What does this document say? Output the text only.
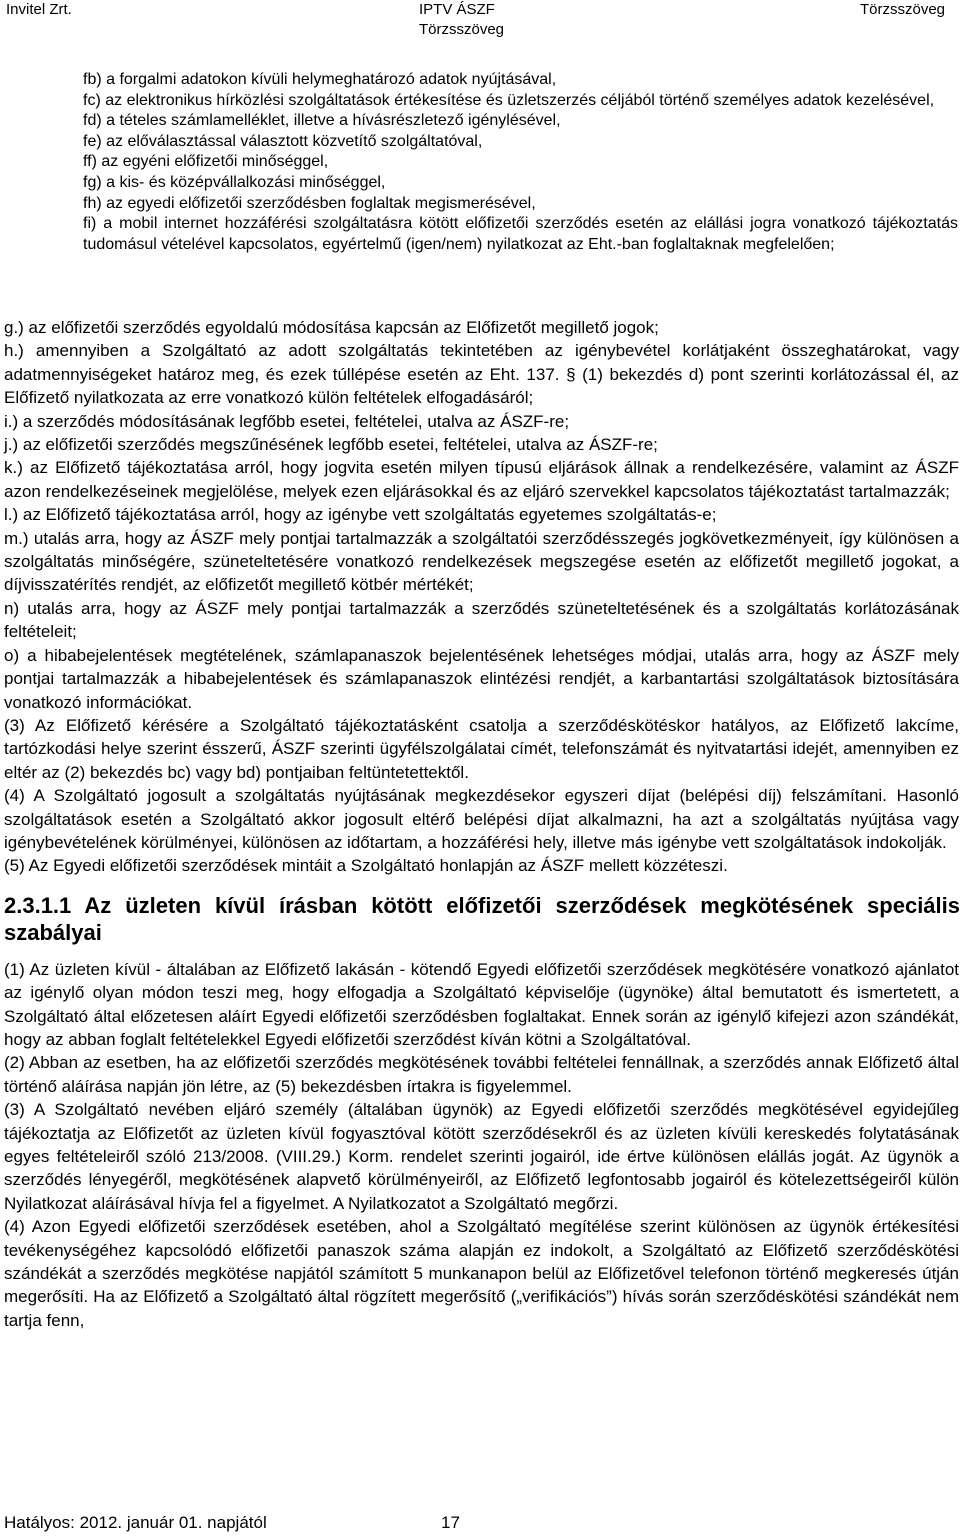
Invitel Zrt.	IPTV ÁSZF
Törzsszöveg
Törzsszöveg
fb) a forgalmi adatokon kívüli helymeghatározó adatok nyújtásával,
fc) az elektronikus hírközlési szolgáltatások értékesítése és üzletszerzés céljából történő személyes adatok kezelésével,
fd) a tételes számlamelléklet, illetve a hívásrészletező igénylésével,
fe) az előválasztással választott közvetítő szolgáltatóval,
ff) az egyéni előfizetői minőséggel,
fg) a kis- és középvállalkozási minőséggel,
fh) az egyedi előfizetői szerződésben foglaltak megismerésével,
fi) a mobil internet hozzáférési szolgáltatásra kötött előfizetői szerződés esetén az elállási jogra vonatkozó tájékoztatás tudomásul vételével kapcsolatos, egyértelmű (igen/nem) nyilatkozat az Eht.-ban foglaltaknak megfelelően;
g.) az előfizetői szerződés egyoldalú módosítása kapcsán az Előfizetőt megillető jogok;
h.) amennyiben a Szolgáltató az adott szolgáltatás tekintetében az igénybevétel korlátjaként összeghatárokat, vagy adatmennyiségeket határoz meg, és ezek túllépése esetén az Eht. 137. § (1) bekezdés d) pont szerinti korlátozással él, az Előfizető nyilatkozata az erre vonatkozó külön feltételek elfogadásáról;
i.) a szerződés módosításának legfőbb esetei, feltételei, utalva az ÁSZF-re;
j.) az előfizetői szerződés megszűnésének legfőbb esetei, feltételei, utalva az ÁSZF-re;
k.) az Előfizető tájékoztatása arról, hogy jogvita esetén milyen típusú eljárások állnak a rendelkezésére, valamint az ÁSZF azon rendelkezéseinek megjelölése, melyek ezen eljárásokkal és az eljáró szervekkel kapcsolatos tájékoztatást tartalmazzák;
l.) az Előfizető tájékoztatása arról, hogy az igénybe vett szolgáltatás egyetemes szolgáltatás-e;
m.) utalás arra, hogy az ÁSZF mely pontjai tartalmazzák a szolgáltatói szerződésszegés jogkövetkezményeit, így különösen a szolgáltatás minőségére, szüneteltetésére vonatkozó rendelkezések megszegése esetén az előfizetőt megillető jogokat, a díjvisszatérítés rendjét, az előfizetőt megillető kötbér mértékét;
n) utalás arra, hogy az ÁSZF mely pontjai tartalmazzák a szerződés szüneteltetésének és a szolgáltatás korlátozásának feltételeit;
o) a hibabejelentések megtételének, számlapanaszok bejelentésének lehetséges módjai, utalás arra, hogy az ÁSZF mely pontjai tartalmazzák a hibabejelentések és számlapanaszok elintézési rendjét, a karbantartási szolgáltatások biztosítására vonatkozó információkat.
(3) Az Előfizető kérésére a Szolgáltató tájékoztatásként csatolja a szerződéskötéskor hatályos, az Előfizető lakcíme, tartózkodási helye szerint ésszerű, ÁSZF szerinti ügyfélszolgálatai címét, telefonszámát és nyitvatartási idejét, amennyiben ez eltér az (2) bekezdés bc) vagy bd) pontjaiban feltüntetettektől.
(4) A Szolgáltató jogosult a szolgáltatás nyújtásának megkezdésekor egyszeri díjat (belépési díj) felszámítani. Hasonló szolgáltatások esetén a Szolgáltató akkor jogosult eltérő belépési díjat alkalmazni, ha azt a szolgáltatás nyújtása vagy igénybevételének körülményei, különösen az időtartam, a hozzáférési hely, illetve más igénybe vett szolgáltatások indokolják.
(5) Az Egyedi előfizetői szerződések mintáit a Szolgáltató honlapján az ÁSZF mellett közzéteszi.
2.3.1.1 Az üzleten kívül írásban kötött előfizetői szerződések megkötésének speciális szabályai
(1) Az üzleten kívül - általában az Előfizető lakásán - kötendő Egyedi előfizetői szerződések megkötésére vonatkozó ajánlatot az igénylő olyan módon teszi meg, hogy elfogadja a Szolgáltató képviselője (ügynöke) által bemutatott és ismertetett, a Szolgáltató által előzetesen aláírt Egyedi előfizetői szerződésben foglaltakat. Ennek során az igénylő kifejezi azon szándékát, hogy az abban foglalt feltételekkel Egyedi előfizetői szerződést kíván kötni a Szolgáltatóval.
(2) Abban az esetben, ha az előfizetői szerződés megkötésének további feltételei fennállnak, a szerződés annak Előfizető által történő aláírása napján jön létre, az (5) bekezdésben írtakra is figyelemmel.
(3) A Szolgáltató nevében eljáró személy (általában ügynök) az Egyedi előfizetői szerződés megkötésével egyidejűleg tájékoztatja az Előfizetőt az üzleten kívül fogyasztóval kötött szerződésekről és az üzleten kívüli kereskedés folytatásának egyes feltételeiről szóló 213/2008. (VIII.29.) Korm. rendelet szerinti jogairól, ide értve különösen elállás jogát. Az ügynök a szerződés lényegéről, megkötésének alapvető körülményeiről, az Előfizető legfontosabb jogairól és kötelezettségeiről külön Nyilatkozat aláírásával hívja fel a figyelmet. A Nyilatkozatot a Szolgáltató megőrzi.
(4) Azon Egyedi előfizetői szerződések esetében, ahol a Szolgáltató megítélése szerint különösen az ügynök értékesítési tevékenységéhez kapcsolódó előfizetői panaszok száma alapján ez indokolt, a Szolgáltató az Előfizető szerződéskötési szándékát a szerződés megkötése napjától számított 5 munkanapon belül az Előfizetővel telefonon történő megkeresés útján megerősíti. Ha az Előfizető a Szolgáltató által rögzített megerősítő („verifikációs”) hívás során szerződéskötési szándékát nem tartja fenn,
Hatályos: 2012. január 01. napjától	17
